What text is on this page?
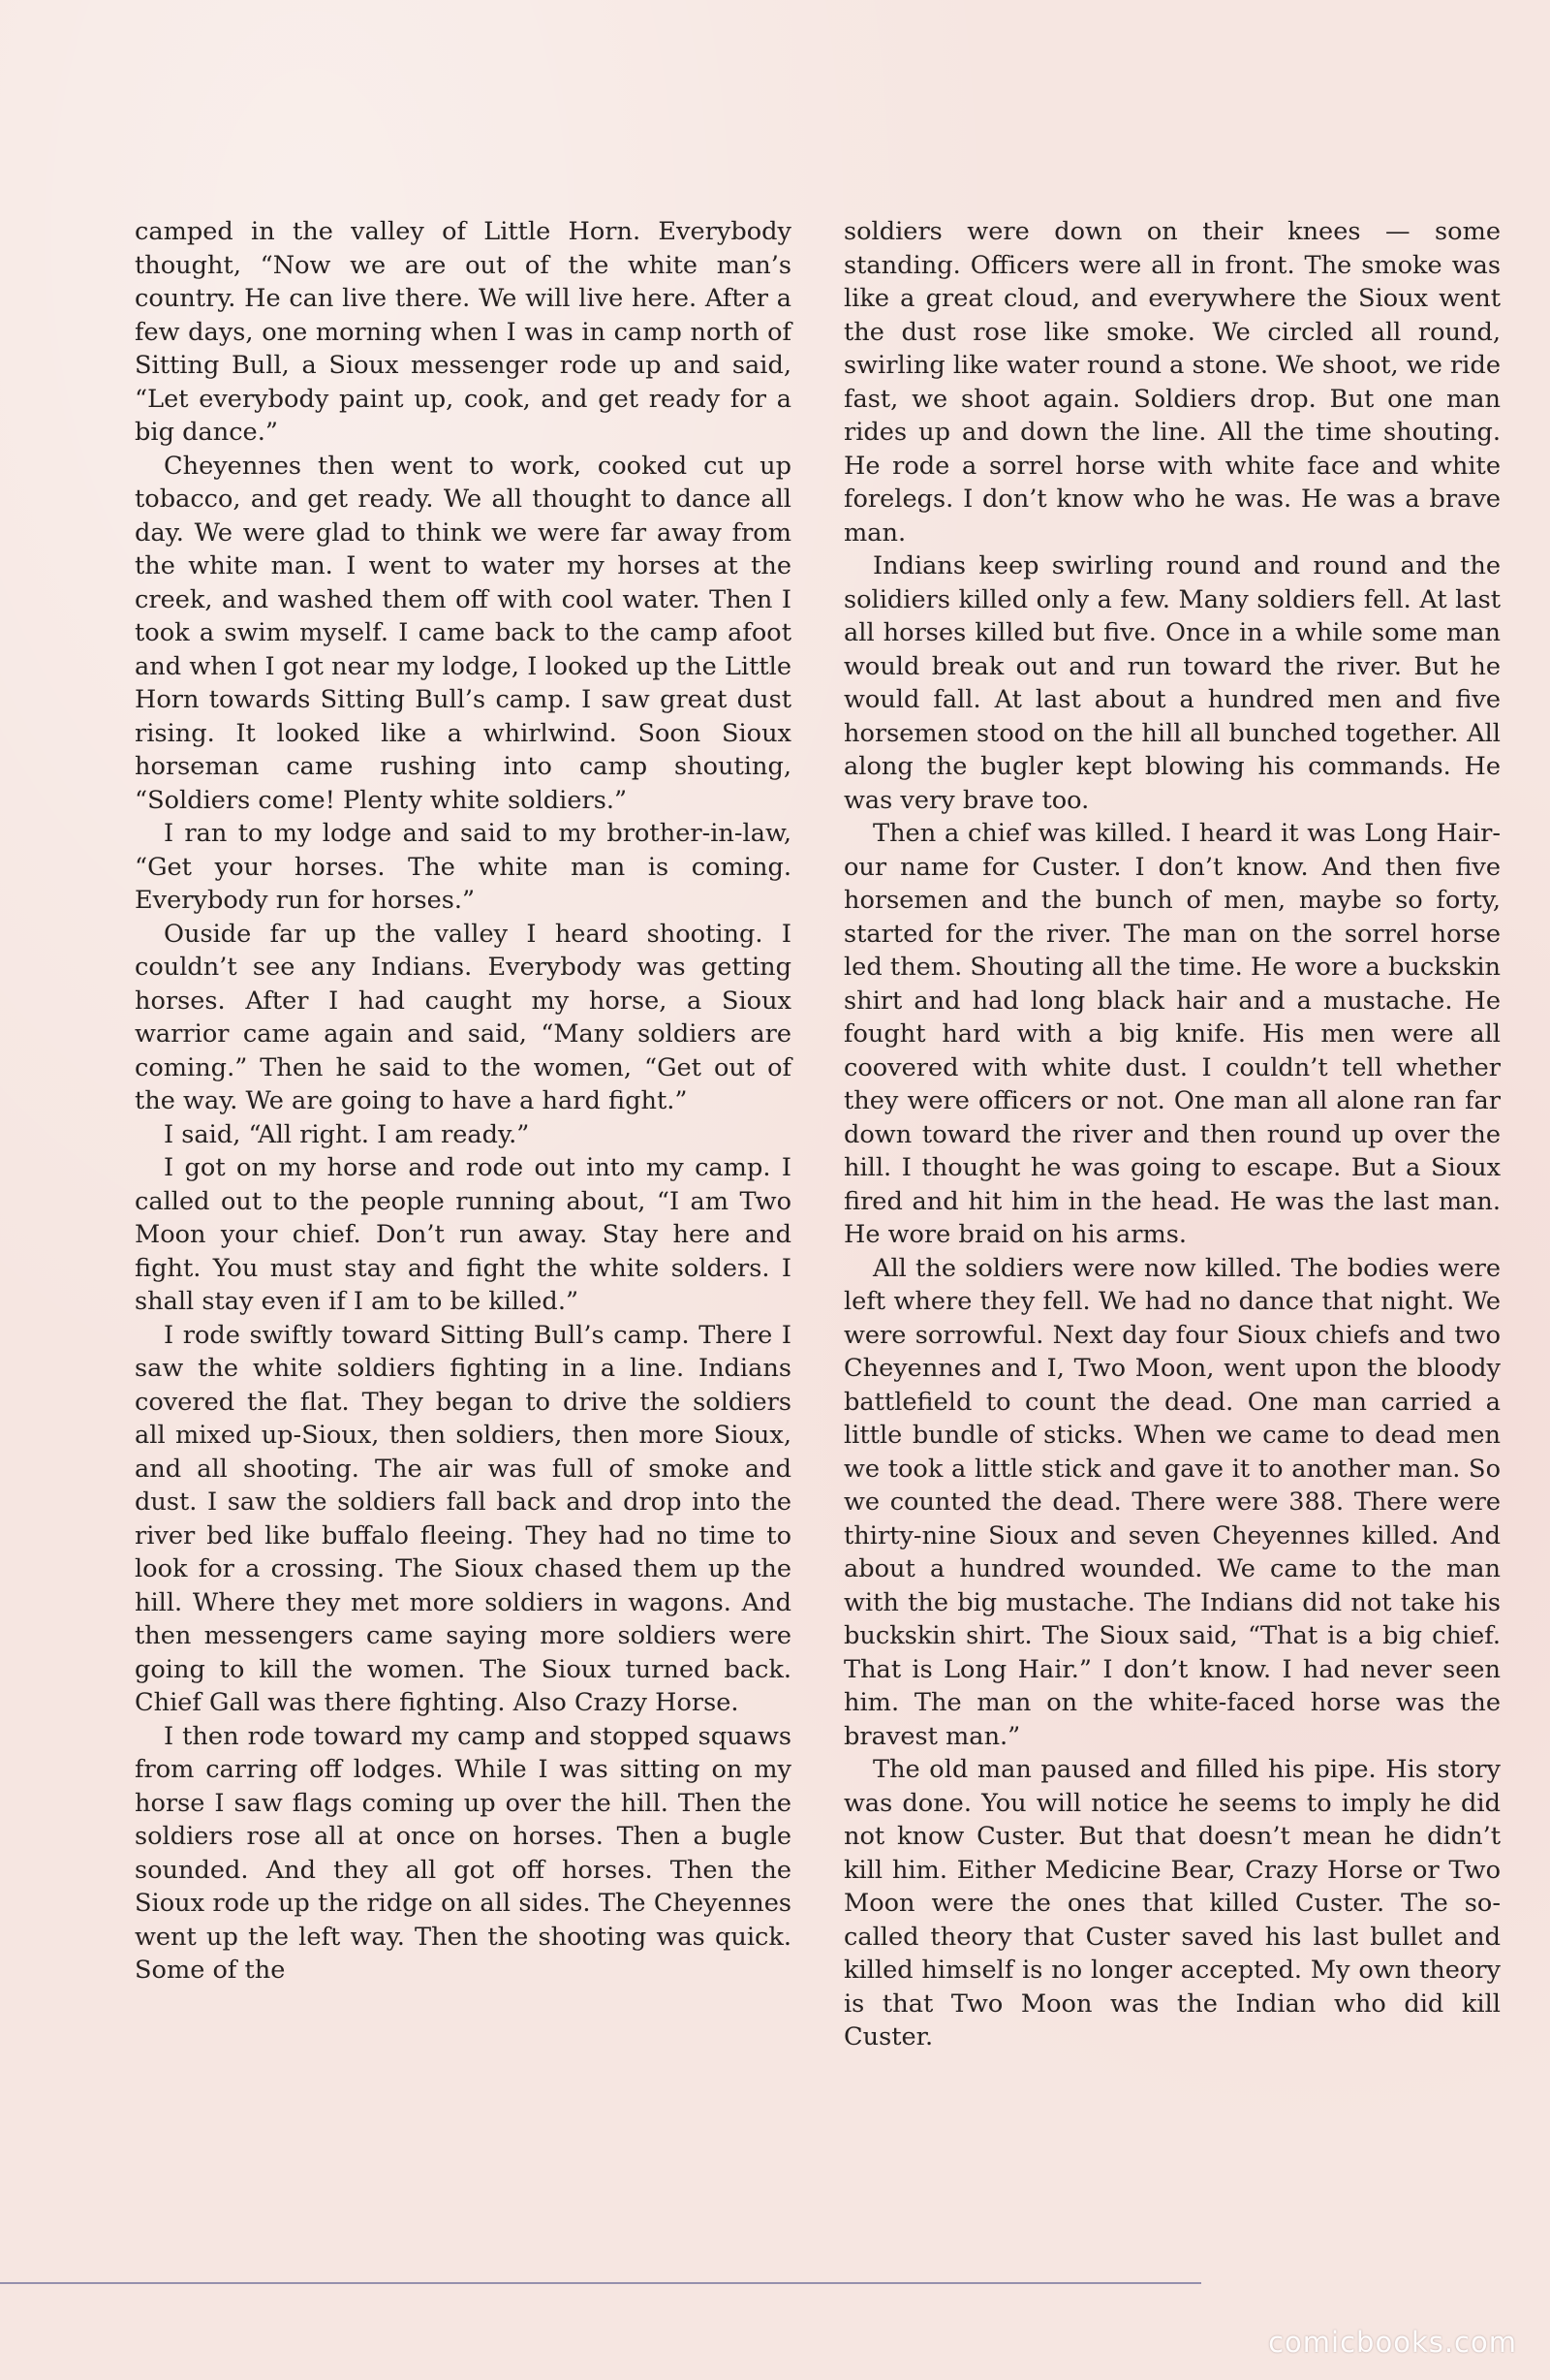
camped in the valley of Little Horn. Everybody thought, “Now we are out of the white man’s country. He can live there. We will live here. After a few days, one morning when I was in camp north of Sitting Bull, a Sioux messenger rode up and said, “Let everybody paint up, cook, and get ready for a big dance.”

Cheyennes then went to work, cooked cut up tobacco, and get ready. We all thought to dance all day. We were glad to think we were far away from the white man. I went to water my horses at the creek, and washed them off with cool water. Then I took a swim myself. I came back to the camp afoot and when I got near my lodge, I looked up the Little Horn towards Sitting Bull’s camp. I saw great dust rising. It looked like a whirlwind. Soon Sioux horseman came rushing into camp shouting, “Soldiers come! Plenty white soldiers.”

I ran to my lodge and said to my brother-in-law, “Get your horses. The white man is coming. Everybody run for horses.”

Ouside far up the valley I heard shooting. I couldn’t see any Indians. Everybody was getting horses. After I had caught my horse, a Sioux warrior came again and said, “Many soldiers are coming.” Then he said to the women, “Get out of the way. We are going to have a hard fight.”

I said, “All right. I am ready.”

I got on my horse and rode out into my camp. I called out to the people running about, “I am Two Moon your chief. Don’t run away. Stay here and fight. You must stay and fight the white solders. I shall stay even if I am to be killed.”

I rode swiftly toward Sitting Bull’s camp. There I saw the white soldiers fighting in a line. Indians covered the flat. They began to drive the soldiers all mixed up-Sioux, then soldiers, then more Sioux, and all shooting. The air was full of smoke and dust. I saw the soldiers fall back and drop into the river bed like buffalo fleeing. They had no time to look for a crossing. The Sioux chased them up the hill. Where they met more soldiers in wagons. And then messengers came saying more soldiers were going to kill the women. The Sioux turned back. Chief Gall was there fighting. Also Crazy Horse.

I then rode toward my camp and stopped squaws from carring off lodges. While I was sitting on my horse I saw flags coming up over the hill. Then the soldiers rose all at once on horses. Then a bugle sounded. And they all got off horses. Then the Sioux rode up the ridge on all sides. The Cheyennes went up the left way. Then the shooting was quick. Some of the

soldiers were down on their knees — some standing. Officers were all in front. The smoke was like a great cloud, and everywhere the Sioux went the dust rose like smoke. We circled all round, swirling like water round a stone. We shoot, we ride fast, we shoot again. Soldiers drop. But one man rides up and down the line. All the time shouting. He rode a sorrel horse with white face and white forelegs. I don’t know who he was. He was a brave man.

Indians keep swirling round and round and the solidiers killed only a few. Many soldiers fell. At last all horses killed but five. Once in a while some man would break out and run toward the river. But he would fall. At last about a hundred men and five horsemen stood on the hill all bunched together. All along the bugler kept blowing his commands. He was very brave too.

Then a chief was killed. I heard it was Long Hair-our name for Custer. I don’t know. And then five horsemen and the bunch of men, maybe so forty, started for the river. The man on the sorrel horse led them. Shouting all the time. He wore a buckskin shirt and had long black hair and a mustache. He fought hard with a big knife. His men were all coovered with white dust. I couldn’t tell whether they were officers or not. One man all alone ran far down toward the river and then round up over the hill. I thought he was going to escape. But a Sioux fired and hit him in the head. He was the last man. He wore braid on his arms.

All the soldiers were now killed. The bodies were left where they fell. We had no dance that night. We were sorrowful. Next day four Sioux chiefs and two Cheyennes and I, Two Moon, went upon the bloody battlefield to count the dead. One man carried a little bundle of sticks. When we came to dead men we took a little stick and gave it to another man. So we counted the dead. There were 388. There were thirty-nine Sioux and seven Cheyennes killed. And about a hundred wounded. We came to the man with the big mustache. The Indians did not take his buckskin shirt. The Sioux said, “That is a big chief. That is Long Hair.” I don’t know. I had never seen him. The man on the white-faced horse was the bravest man.”

The old man paused and filled his pipe. His story was done. You will notice he seems to imply he did not know Custer. But that doesn’t mean he didn’t kill him. Either Medicine Bear, Crazy Horse or Two Moon were the ones that killed Custer. The so-called theory that Custer saved his last bullet and killed himself is no longer accepted. My own theory is that Two Moon was the Indian who did kill Custer.

comicbooks.com
